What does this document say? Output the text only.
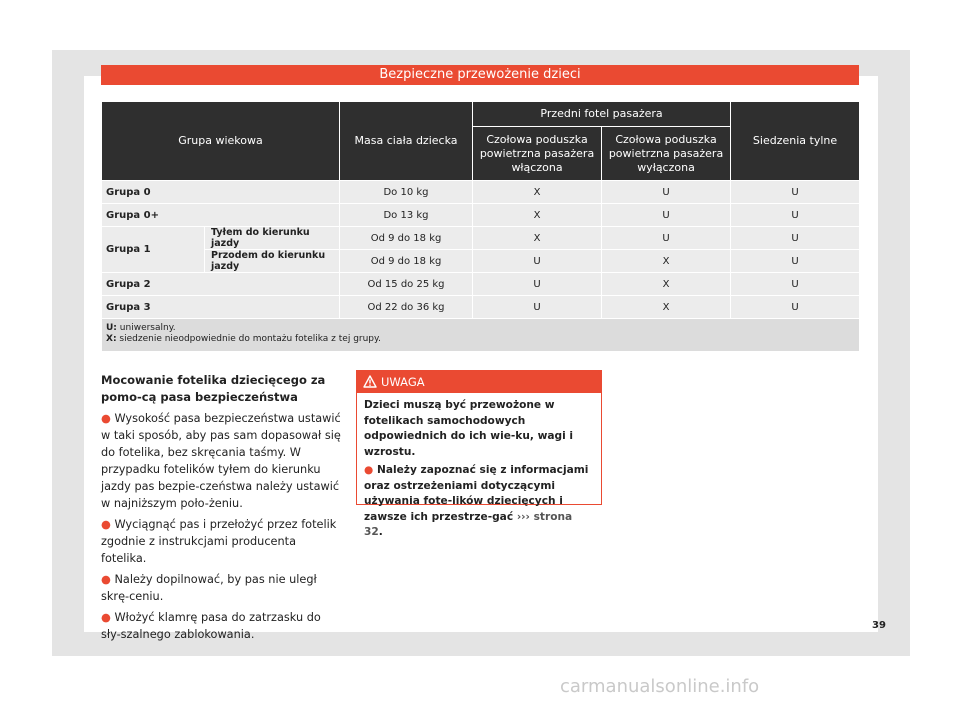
Bezpieczne przewożenie dzieci
Grupa wiekowa		Masa ciała dziecka	Przedni fotel pasażera		Siedzenia tylne
			Czołowa poduszka powietrzna pasażera włączona	Czołowa poduszka powietrzna pasażera wyłączona	
Grupa 0		Do 10 kg	X	U	U
Grupa 0+		Do 13 kg	X	U	U
Grupa 1	Tyłem do kierunku jazdy	Od 9 do 18 kg	X	U	U
	Przodem do kierunku jazdy	Od 9 do 18 kg	U	X	U
Grupa 2		Od 15 do 25 kg	U	X	U
Grupa 3		Od 22 do 36 kg	U	X	U
U: uniwersalny.
X: siedzenie nieodpowiednie do montażu fotelika z tej grupy.					
Mocowanie fotelika dziecięcego za pomo-cą pasa bezpieczeństwa

● Wysokość pasa bezpieczeństwa ustawić w taki sposób, aby pas sam dopasował się do fotelika, bez skręcania taśmy. W przypadku fotelików tyłem do kierunku jazdy pas bezpie-czeństwa należy ustawić w najniższym poło-żeniu.

● Wyciągnąć pas i przełożyć przez fotelik zgodnie z instrukcjami producenta fotelika.

● Należy dopilnować, by pas nie uległ skrę-ceniu.

● Włożyć klamrę pasa do zatrzasku do sły-szalnego zablokowania.

UWAGA

Dzieci muszą być przewożone w fotelikach samochodowych odpowiednich do ich wie-ku, wagi i wzrostu.

● Należy zapoznać się z informacjami oraz ostrzeżeniami dotyczącymi używania fote-lików dziecięcych i zawsze ich przestrze-gać ››› strona 32.

39
carmanualsonline.info
